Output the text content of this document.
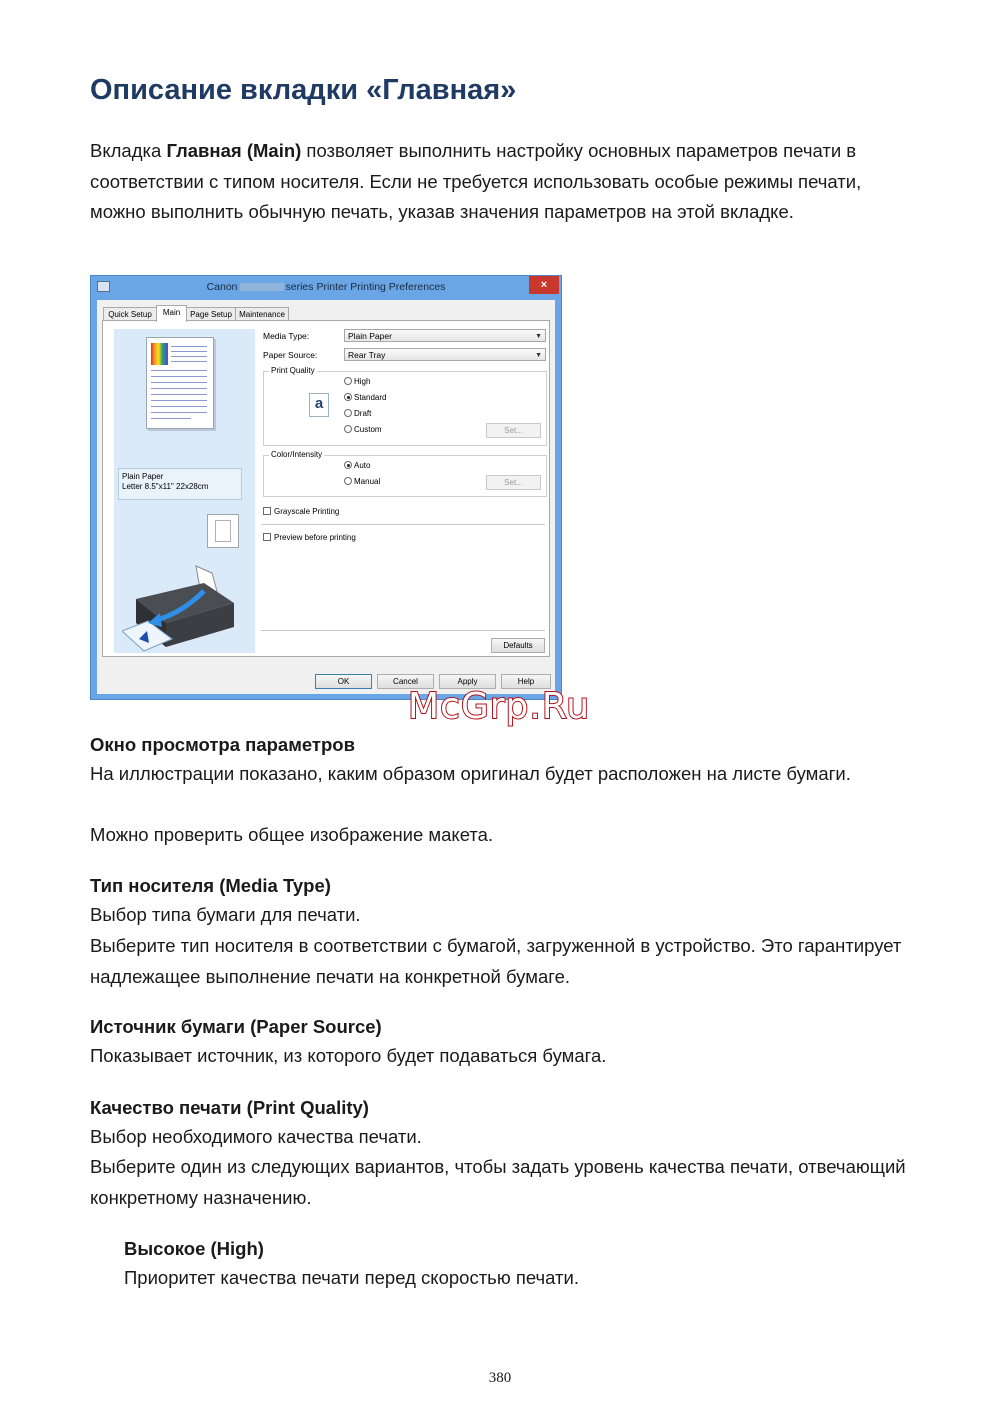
Описание вкладки «Главная»

Вкладка Главная (Main) позволяет выполнить настройку основных параметров печати в соответствии с типом носителя. Если не требуется использовать особые режимы печати, можно выполнить обычную печать, указав значения параметров на этой вкладке.

Canon	series Printer Printing Preferences	×
Quick Setup	Main	Page Setup Maintenance
Plain Paper
Letter 8.5"x11" 22x28cm
Media Type:	Plain Paper	▼
Paper Source:	Rear Tray	▼
Print Quality
a
High
Standard
Draft
Custom	Set...
Color/Intensity
Auto
Manual	Set...
Grayscale Printing
Preview before printing
Defaults
OK	Cancel	Apply	Help
McGrp.Ru

Окно просмотра параметров

На иллюстрации показано, каким образом оригинал будет расположен на листе бумаги.

Можно проверить общее изображение макета.

Тип носителя (Media Type)

Выбор типа бумаги для печати.

Выберите тип носителя в соответствии с бумагой, загруженной в устройство. Это гарантирует надлежащее выполнение печати на конкретной бумаге.

Источник бумаги (Paper Source)

Показывает источник, из которого будет подаваться бумага.

Качество печати (Print Quality)

Выбор необходимого качества печати.

Выберите один из следующих вариантов, чтобы задать уровень качества печати, отвечающий конкретному назначению.

Высокое (High)

Приоритет качества печати перед скоростью печати.

380
